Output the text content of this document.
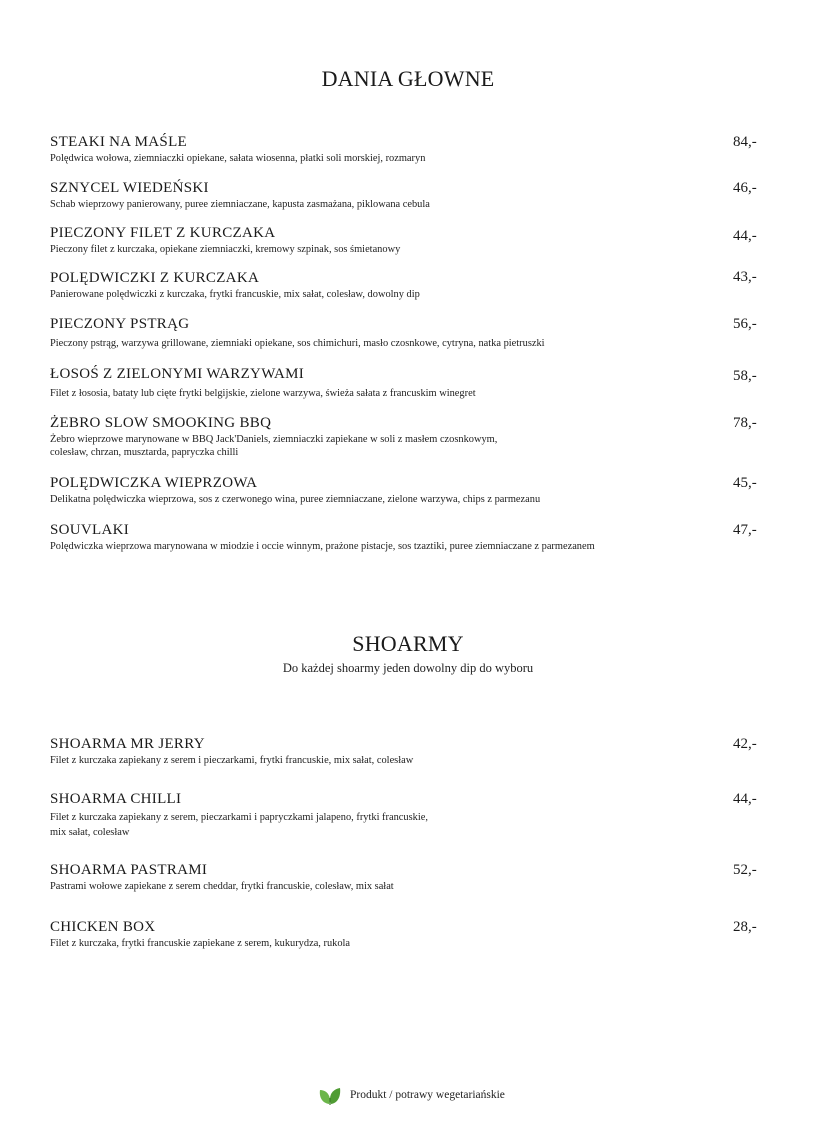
DANIA GŁOWNE
STEAKI NA MAŚLE
Polędwica wołowa, ziemniaczki opiekane, sałata wiosenna, płatki soli morskiej, rozmaryn
84,-
SZNYCEL WIEDEŃSKI
Schab wieprzowy panierowany, puree ziemniaczane, kapusta zasmażana, piklowana cebula
46,-
PIECZONY FILET Z KURCZAKA
Pieczony filet z kurczaka, opiekane ziemniaczki, kremowy szpinak, sos śmietanowy
44,-
POLĘDWICZKI Z KURCZAKA
Panierowane polędwiczki z kurczaka, frytki francuskie, mix sałat, colesław, dowolny dip
43,-
PIECZONY PSTRĄG
Pieczony pstrąg, warzywa grillowane, ziemniaki opiekane, sos chimichuri, masło czosnkowe, cytryna, natka pietruszki
56,-
ŁOSOŚ Z ZIELONYMI WARZYWAMI
Filet z łososia, bataty lub cięte frytki belgijskie, zielone warzywa, świeża sałata z francuskim winegret
58,-
ŻEBRO SLOW SMOOKING BBQ
Żebro wieprzowe marynowane w BBQ Jack'Daniels, ziemniaczki zapiekane w soli z masłem czosnkowym,
colesław, chrzan, musztarda, papryczka chilli
78,-
POLĘDWICZKA WIEPRZOWA
Delikatna polędwiczka wieprzowa, sos z czerwonego wina, puree ziemniaczane, zielone warzywa, chips z parmezanu
45,-
SOUVLAKI
Polędwiczka wieprzowa marynowana w miodzie i occie winnym, prażone pistacje, sos tzaztiki, puree ziemniaczane z parmezanem
47,-
SHOARMY
Do każdej shoarmy jeden dowolny dip do wyboru
SHOARMA MR JERRY
Filet z kurczaka zapiekany z serem i pieczarkami, frytki francuskie, mix sałat, colesław
42,-
SHOARMA CHILLI
Filet z kurczaka zapiekany z serem, pieczarkami i papryczkami jalapeno, frytki francuskie,
mix sałat, colesław
44,-
SHOARMA PASTRAMI
Pastrami wołowe zapiekane z serem cheddar, frytki francuskie, colesław, mix sałat
52,-
CHICKEN BOX
Filet z kurczaka, frytki francuskie zapiekane z serem, kukurydza, rukola
28,-
Produkt / potrawy wegetariańskie
